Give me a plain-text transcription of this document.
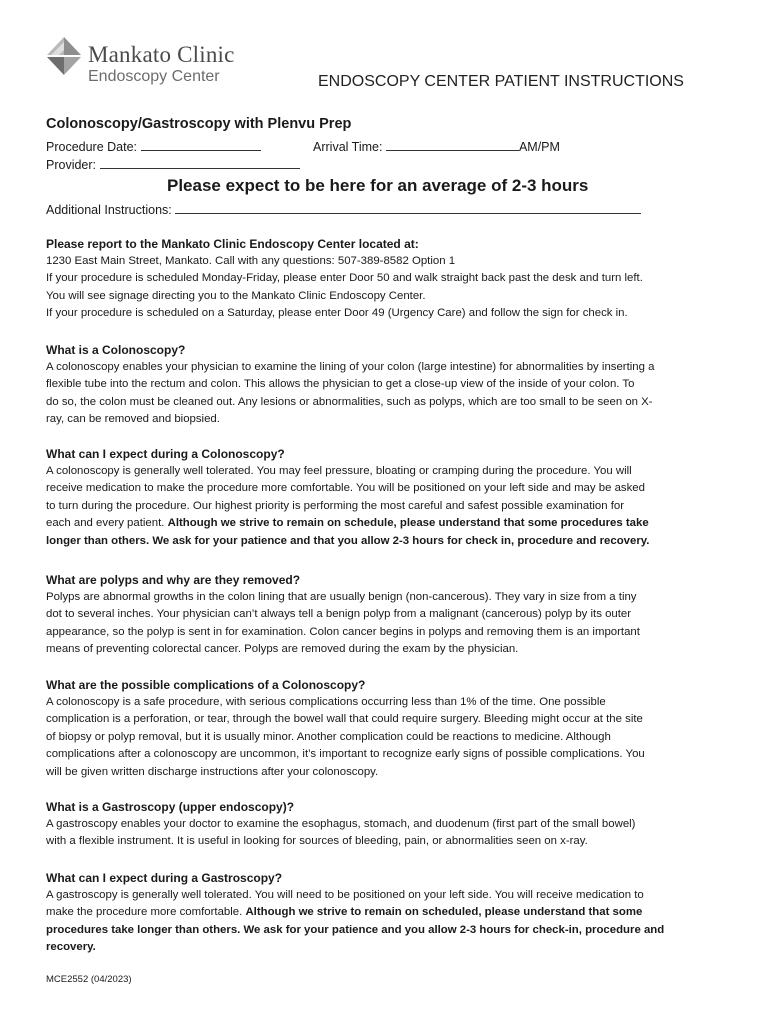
Mankato Clinic
Endoscopy Center	ENDOSCOPY CENTER PATIENT INSTRUCTIONS
Colonoscopy/Gastroscopy with Plenvu Prep
Procedure Date:	Arrival Time:	AM/PM
Provider:
Please expect to be here for an average of 2-3 hours
Additional Instructions:
Please report to the Mankato Clinic Endoscopy Center located at:
1230 East Main Street, Mankato. Call with any questions: 507-389-8582 Option 1
If your procedure is scheduled Monday-Friday, please enter Door 50 and walk straight back past the desk and turn left.
You will see signage directing you to the Mankato Clinic Endoscopy Center.
If your procedure is scheduled on a Saturday, please enter Door 49 (Urgency Care) and follow the sign for check in.
What is a Colonoscopy?
A colonoscopy enables your physician to examine the lining of your colon (large intestine) for abnormalities by inserting a
flexible tube into the rectum and colon. This allows the physician to get a close-up view of the inside of your colon. To
do so, the colon must be cleaned out. Any lesions or abnormalities, such as polyps, which are too small to be seen on X-
ray, can be removed and biopsied.
What can I expect during a Colonoscopy?
A colonoscopy is generally well tolerated. You may feel pressure, bloating or cramping during the procedure. You will
receive medication to make the procedure more comfortable. You will be positioned on your left side and may be asked
to turn during the procedure. Our highest priority is performing the most careful and safest possible examination for
each and every patient. Although we strive to remain on schedule, please understand that some procedures take
longer than others. We ask for your patience and that you allow 2-3 hours for check in, procedure and recovery.
What are polyps and why are they removed?
Polyps are abnormal growths in the colon lining that are usually benign (non-cancerous). They vary in size from a tiny
dot to several inches. Your physician can’t always tell a benign polyp from a malignant (cancerous) polyp by its outer
appearance, so the polyp is sent in for examination. Colon cancer begins in polyps and removing them is an important
means of preventing colorectal cancer. Polyps are removed during the exam by the physician.
What are the possible complications of a Colonoscopy?
A colonoscopy is a safe procedure, with serious complications occurring less than 1% of the time. One possible
complication is a perforation, or tear, through the bowel wall that could require surgery. Bleeding might occur at the site
of biopsy or polyp removal, but it is usually minor. Another complication could be reactions to medicine. Although
complications after a colonoscopy are uncommon, it’s important to recognize early signs of possible complications. You
will be given written discharge instructions after your colonoscopy.
What is a Gastroscopy (upper endoscopy)?
A gastroscopy enables your doctor to examine the esophagus, stomach, and duodenum (first part of the small bowel)
with a flexible instrument. It is useful in looking for sources of bleeding, pain, or abnormalities seen on x-ray.
What can I expect during a Gastroscopy?
A gastroscopy is generally well tolerated. You will need to be positioned on your left side. You will receive medication to
make the procedure more comfortable. Although we strive to remain on scheduled, please understand that some
procedures take longer than others. We ask for your patience and you allow 2-3 hours for check-in, procedure and
recovery.
MCE2552 (04/2023)
